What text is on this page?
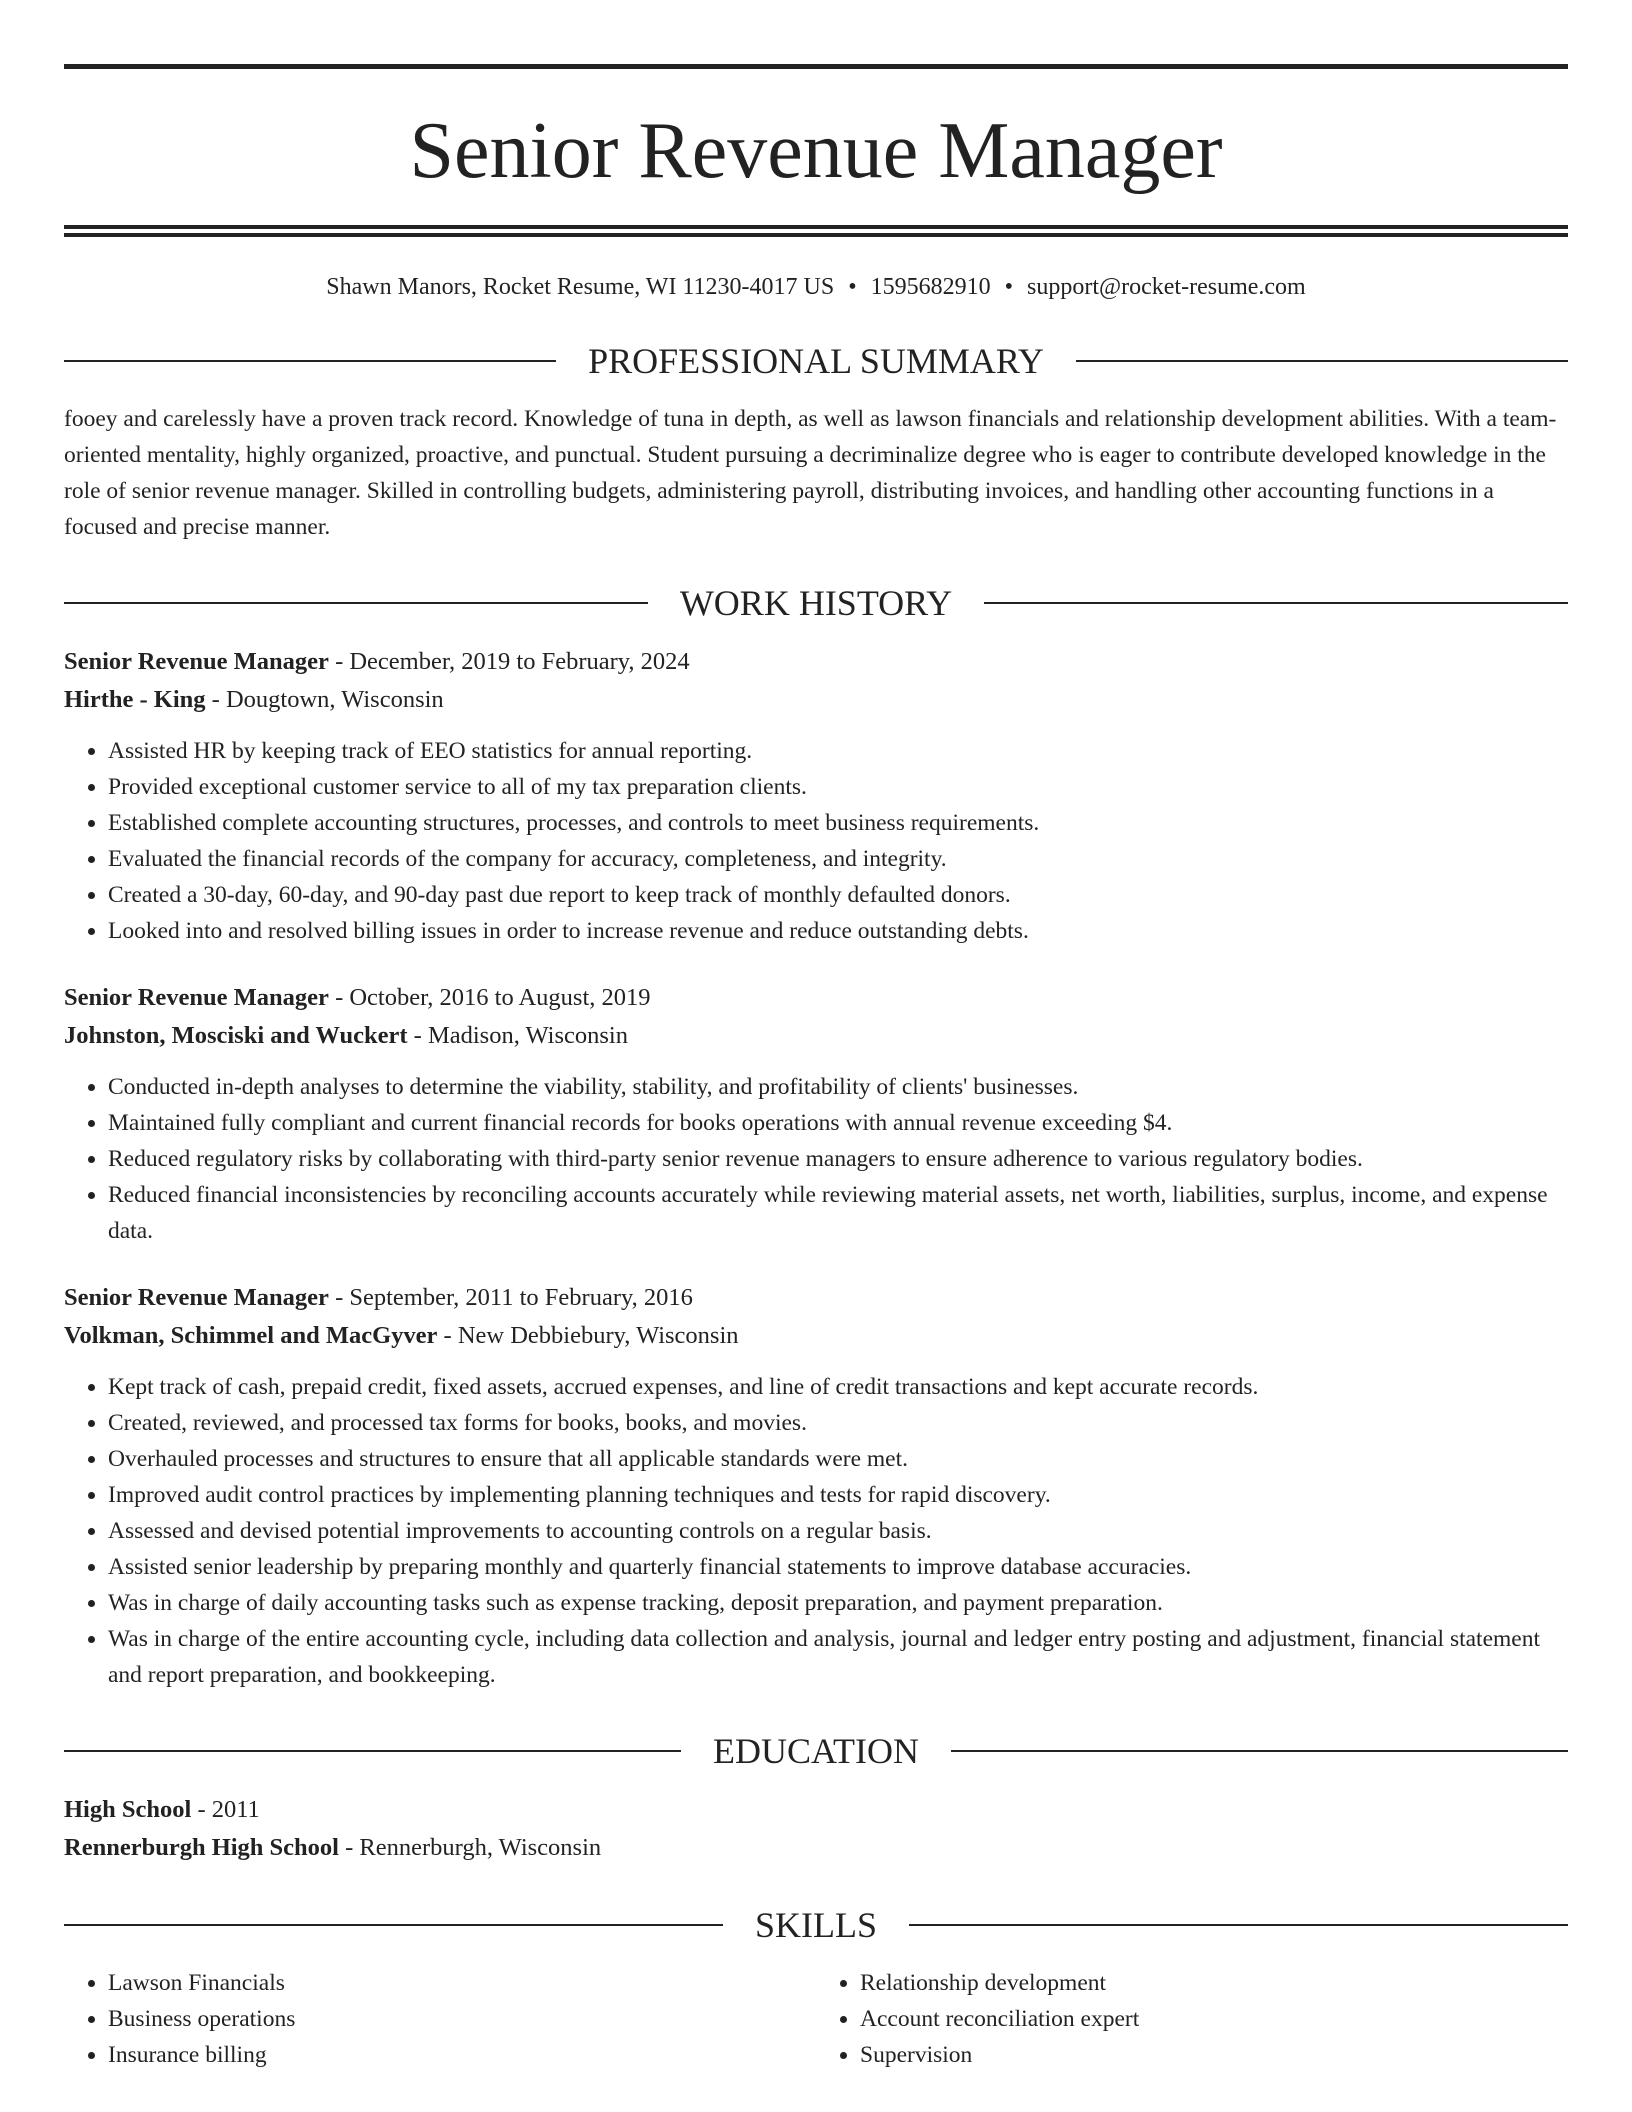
Senior Revenue Manager
Shawn Manors, Rocket Resume, WI 11230-4017 US • 1595682910 • support@rocket-resume.com
PROFESSIONAL SUMMARY

fooey and carelessly have a proven track record. Knowledge of tuna in depth, as well as lawson financials and relationship development abilities. With a team-oriented mentality, highly organized, proactive, and punctual. Student pursuing a decriminalize degree who is eager to contribute developed knowledge in the role of senior revenue manager. Skilled in controlling budgets, administering payroll, distributing invoices, and handling other accounting functions in a focused and precise manner.

WORK HISTORY
Senior Revenue Manager - December, 2019 to February, 2024
Hirthe - King - Dougtown, Wisconsin
• Assisted HR by keeping track of EEO statistics for annual reporting.
• Provided exceptional customer service to all of my tax preparation clients.
• Established complete accounting structures, processes, and controls to meet business requirements.
• Evaluated the financial records of the company for accuracy, completeness, and integrity.
• Created a 30-day, 60-day, and 90-day past due report to keep track of monthly defaulted donors.
• Looked into and resolved billing issues in order to increase revenue and reduce outstanding debts.
Senior Revenue Manager - October, 2016 to August, 2019
Johnston, Mosciski and Wuckert - Madison, Wisconsin
• Conducted in-depth analyses to determine the viability, stability, and profitability of clients' businesses.
• Maintained fully compliant and current financial records for books operations with annual revenue exceeding $4.
• Reduced regulatory risks by collaborating with third-party senior revenue managers to ensure adherence to various regulatory bodies.
• Reduced financial inconsistencies by reconciling accounts accurately while reviewing material assets, net worth, liabilities, surplus, income, and expense data.
Senior Revenue Manager - September, 2011 to February, 2016
Volkman, Schimmel and MacGyver - New Debbiebury, Wisconsin
• Kept track of cash, prepaid credit, fixed assets, accrued expenses, and line of credit transactions and kept accurate records.
• Created, reviewed, and processed tax forms for books, books, and movies.
• Overhauled processes and structures to ensure that all applicable standards were met.
• Improved audit control practices by implementing planning techniques and tests for rapid discovery.
• Assessed and devised potential improvements to accounting controls on a regular basis.
• Assisted senior leadership by preparing monthly and quarterly financial statements to improve database accuracies.
• Was in charge of daily accounting tasks such as expense tracking, deposit preparation, and payment preparation.
• Was in charge of the entire accounting cycle, including data collection and analysis, journal and ledger entry posting and adjustment, financial statement and report preparation, and bookkeeping.
EDUCATION
High School - 2011
Rennerburgh High School - Rennerburgh, Wisconsin
SKILLS
• Lawson Financials
• Business operations
• Insurance billing
• Relationship development
• Account reconciliation expert
• Supervision
